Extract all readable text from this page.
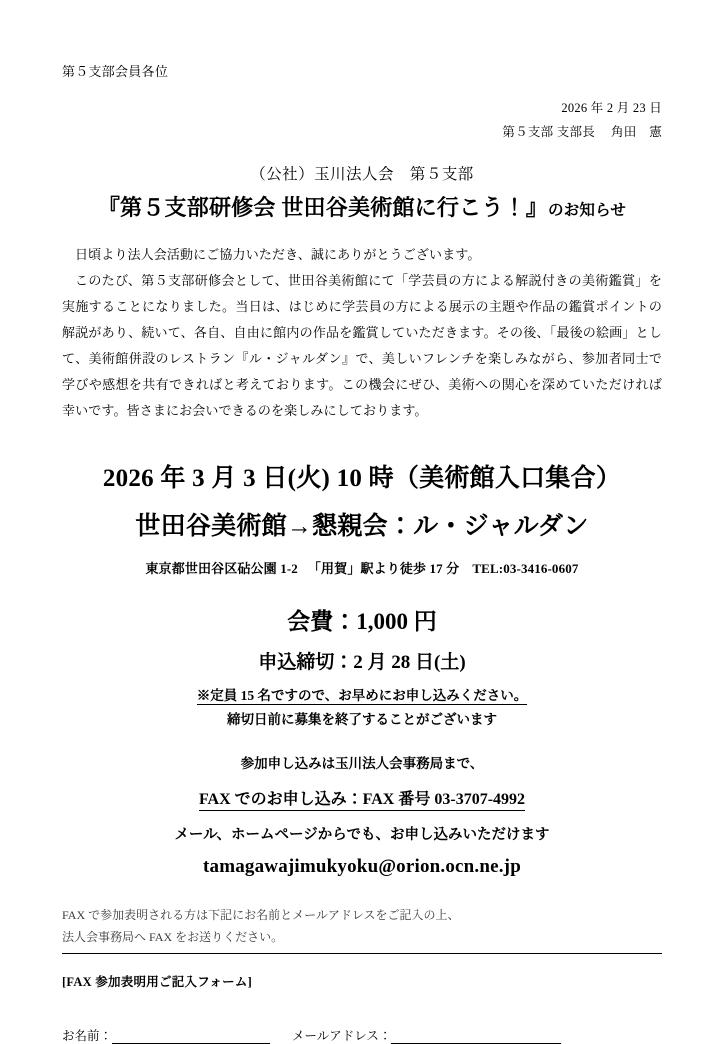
第５支部会員各位
2026 年 2 月 23 日
第５支部 支部長 角田　憲
（公社）玉川法人会　第５支部
『第５支部研修会 世田谷美術館に行こう！』のお知らせ

日頃より法人会活動にご協力いただき、誠にありがとうございます。

このたび、第５支部研修会として、世田谷美術館にて「学芸員の方による解説付きの美術鑑賞」を実施することになりました。当日は、はじめに学芸員の方による展示の主題や作品の鑑賞ポイントの解説があり、続いて、各自、自由に館内の作品を鑑賞していただきます。その後、「最後の絵画」として、美術館併設のレストラン『ル・ジャルダン』で、美しいフレンチを楽しみながら、参加者同士で学びや感想を共有できればと考えております。この機会にぜひ、美術への関心を深めていただければ幸いです。皆さまにお会いできるのを楽しみにしております。

2026 年 3 月 3 日(火) 10 時（美術館入口集合）
世田谷美術館→懇親会：ル・ジャルダン
東京都世田谷区砧公園 1-2 　「用賀」駅より徒歩 17 分　TEL:03-3416-0607
会費：1,000 円
申込締切：2 月 28 日(土)
※定員 15 名ですので、お早めにお申し込みください。
締切日前に募集を終了することがございます
参加申し込みは玉川法人会事務局まで、
FAX でのお申し込み：FAX 番号 03-3707-4992
メール、ホームページからでも、お申し込みいただけます
tamagawajimukyoku@orion.ocn.ne.jp
FAX で参加表明される方は下記にお名前とメールアドレスをご記入の上、
法人会事務局へ FAX をお送りください。
[FAX 参加表明用ご記入フォーム]
お名前：	メールアドレス：
